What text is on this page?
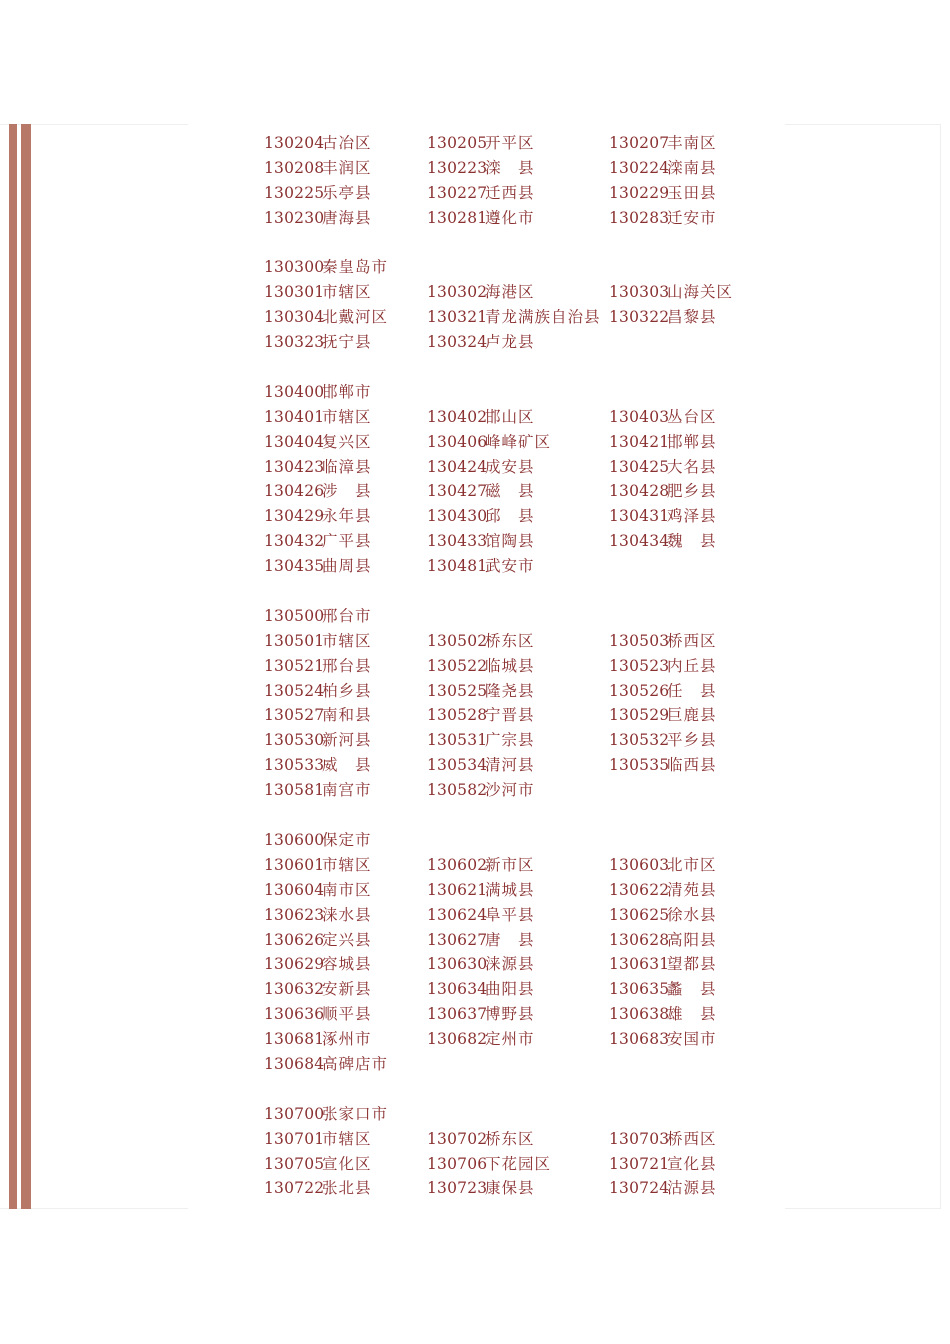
130204古冶区	130205开平区	130207丰南区
130208丰润区	130223滦　县	130224滦南县
130225乐亭县	130227迁西县	130229玉田县
130230唐海县	130281遵化市	130283迁安市
130300秦皇岛市
130301市辖区	130302海港区	130303山海关区
130304北戴河区	130321青龙满族自治县 130322昌黎县
130323抚宁县	130324卢龙县
130400邯郸市
130401市辖区	130402邯山区	130403丛台区
130404复兴区	130406峰峰矿区	130421邯郸县
130423临漳县	130424成安县	130425大名县
130426涉　县	130427磁　县	130428肥乡县
130429永年县	130430邱　县	130431鸡泽县
130432广平县	130433馆陶县	130434魏　县
130435曲周县	130481武安市
130500邢台市
130501市辖区	130502桥东区	130503桥西区
130521邢台县	130522临城县	130523内丘县
130524柏乡县	130525隆尧县	130526任　县
130527南和县	130528宁晋县	130529巨鹿县
130530新河县	130531广宗县	130532平乡县
130533威　县	130534清河县	130535临西县
130581南宫市	130582沙河市
130600保定市
130601市辖区	130602新市区	130603北市区
130604南市区	130621满城县	130622清苑县
130623涞水县	130624阜平县	130625徐水县
130626定兴县	130627唐　县	130628高阳县
130629容城县	130630涞源县	130631望都县
130632安新县	130634曲阳县	130635蠡　县
130636顺平县	130637博野县	130638雄　县
130681涿州市	130682定州市	130683安国市
130684高碑店市
130700张家口市
130701市辖区	130702桥东区	130703桥西区
130705宣化区	130706下花园区	130721宣化县
130722张北县	130723康保县	130724沽源县
